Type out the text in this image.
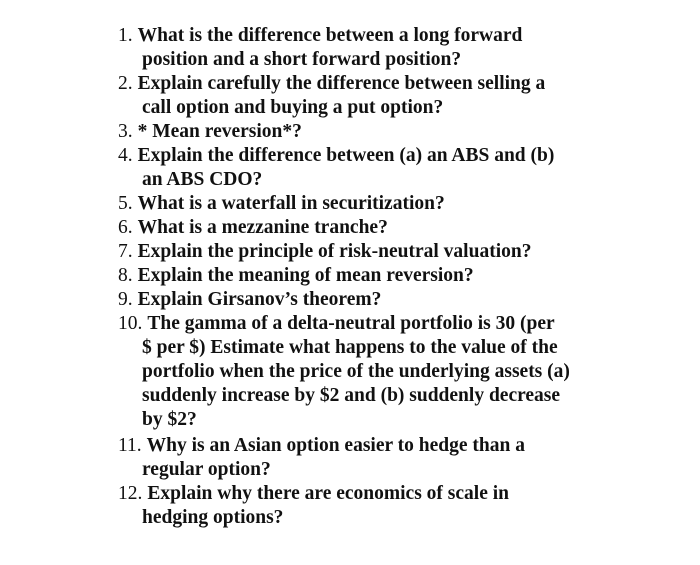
1. What is the difference between a long forward
position and a short forward position?
2. Explain carefully the difference between selling a
call option and buying a put option?
3. * Mean reversion*?
4. Explain the difference between (a) an ABS and (b)
an ABS CDO?
5. What is a waterfall in securitization?
6. What is a mezzanine tranche?
7. Explain the principle of risk-neutral valuation?
8. Explain the meaning of mean reversion?
9. Explain Girsanov’s theorem?
10. The gamma of a delta-neutral portfolio is 30 (per
$ per $) Estimate what happens to the value of the
portfolio when the price of the underlying assets (a)
suddenly increase by $2 and (b) suddenly decrease
by $2?
11. Why is an Asian option easier to hedge than a
regular option?
12. Explain why there are economics of scale in
hedging options?
